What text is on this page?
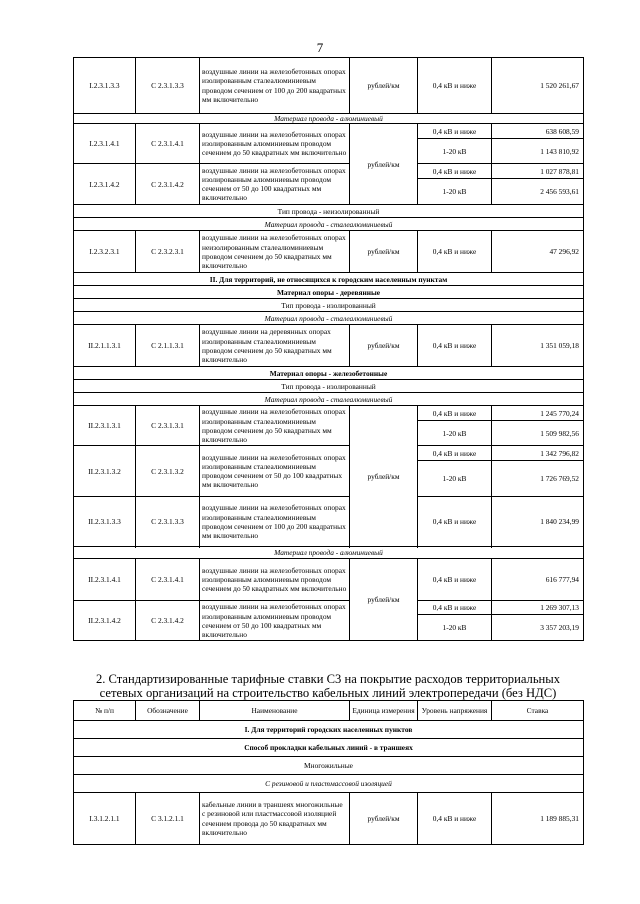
7
I.2.3.1.3.3	С 2.3.1.3.3	воздушные линии на железобетонных опорах изолированным сталеалюминиевым проводом сечением от 100 до 200 квадратных мм включительно	рублей/км	0,4 кВ и ниже	1 520 261,67
Материал провода - алюминиевый					
I.2.3.1.4.1	С 2.3.1.4.1	воздушные линии на железобетонных опорах изолированным алюминиевым проводом сечением до 50 квадратных мм включительно	рублей/км	0,4 кВ и ниже	638 608,59
				1-20 кВ	1 143 810,92
I.2.3.1.4.2	С 2.3.1.4.2	воздушные линии на железобетонных опорах изолированным алюминиевым проводом сечением от 50 до 100 квадратных мм включительно		0,4 кВ и ниже	1 027 878,81
				1-20 кВ	2 456 593,61
Тип провода - неизолированный					
Материал провода - сталеалюминиевый					
I.2.3.2.3.1	С 2.3.2.3.1	воздушные линии на железобетонных опорах неизолированным сталеалюминиевым проводом сечением до 50 квадратных мм включительно	рублей/км	0,4 кВ и ниже	47 296,92
II. Для территорий, не относящихся к городским населенным пунктам					
Материал опоры - деревянные					
Тип провода - изолированный					
Материал провода - сталеалюминиевый					
II.2.1.1.3.1	С 2.1.1.3.1	воздушные линии на деревянных опорах изолированным сталеалюминиевым проводом сечением до 50 квадратных мм включительно	рублей/км	0,4 кВ и ниже	1 351 059,18
Материал опоры - железобетонные					
Тип провода - изолированный					
Материал провода - сталеалюминиевый					
II.2.3.1.3.1	С 2.3.1.3.1	воздушные линии на железобетонных опорах изолированным сталеалюминиевым проводом сечением до 50 квадратных мм включительно	рублей/км	0,4 кВ и ниже	1 245 770,24
				1-20 кВ	1 509 982,56
II.2.3.1.3.2	С 2.3.1.3.2	воздушные линии на железобетонных опорах изолированным сталеалюминиевым проводом сечением от 50 до 100 квадратных мм включительно		0,4 кВ и ниже	1 342 796,82
				1-20 кВ	1 726 769,52
II.2.3.1.3.3	С 2.3.1.3.3	воздушные линии на железобетонных опорах изолированным сталеалюминиевым проводом сечением от 100 до 200 квадратных мм включительно		0,4 кВ и ниже	1 840 234,99

Материал провода - алюминиевый					
II.2.3.1.4.1	С 2.3.1.4.1	воздушные линии на железобетонных опорах изолированным алюминиевым проводом сечением до 50 квадратных мм включительно	рублей/км	0,4 кВ и ниже	616 777,94
II.2.3.1.4.2	С 2.3.1.4.2	воздушные линии на железобетонных опорах изолированным алюминиевым проводом сечением от 50 до 100 квадратных мм включительно		0,4 кВ и ниже	1 269 307,13
				1-20 кВ	3 357 203,19
2. Стандартизированные тарифные ставки С3 на покрытие расходов территориальных сетевых организаций на строительство кабельных линий электропередачи (без НДС)
№ п/п	Обозначение	Наименование	Единица измерения	Уровень напряжения	Ставка
I. Для территорий городских населенных пунктов					
Способ прокладки кабельных линий - в траншеях					
Многожильные					
С резиновой и пластмассовой изоляцией					
I.3.1.2.1.1	С 3.1.2.1.1	кабельные линии в траншеях многожильные с резиновой или пластмассовой изоляцией сечением провода до 50 квадратных мм включительно	рублей/км	0,4 кВ и ниже	1 189 885,31
